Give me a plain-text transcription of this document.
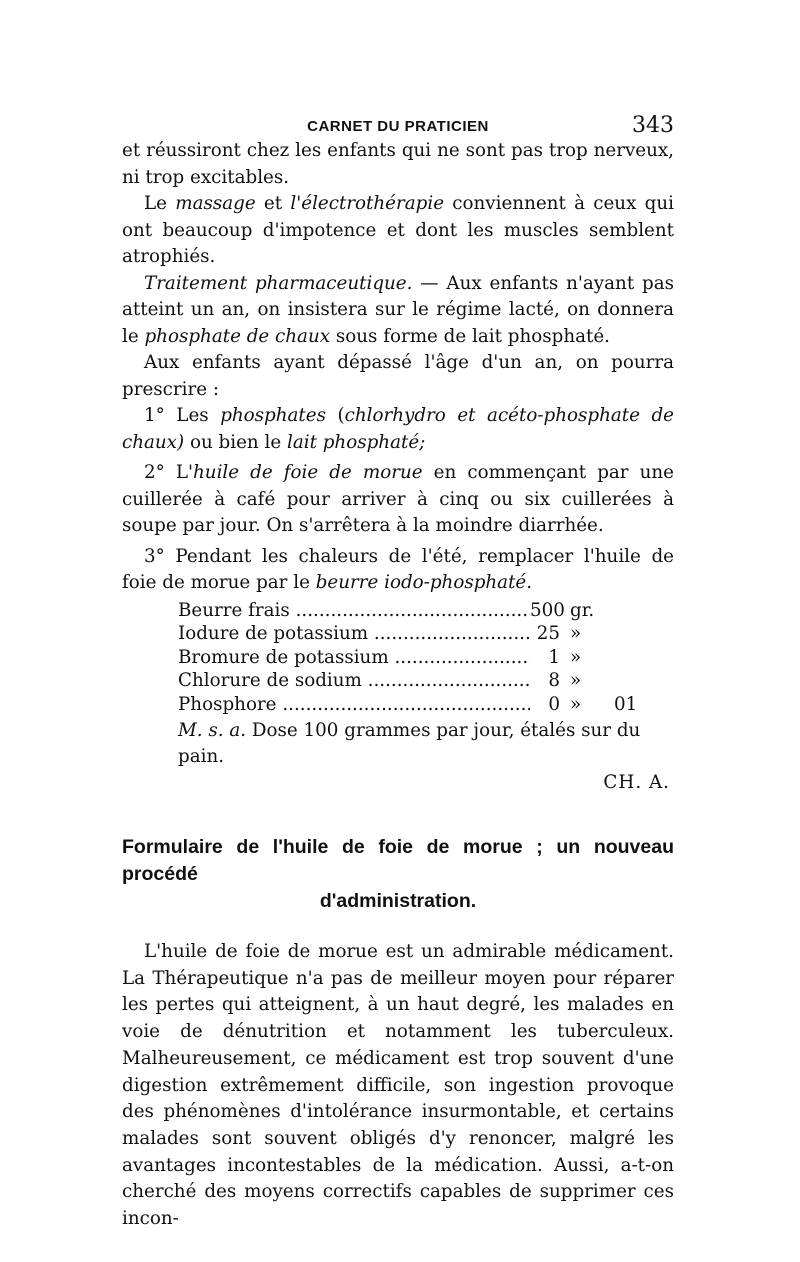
CARNET DU PRATICIEN	343

et réussiront chez les enfants qui ne sont pas trop nerveux, ni trop excitables.

Le massage et l'électrothérapie conviennent à ceux qui ont beaucoup d'impotence et dont les muscles semblent atrophiés.

Traitement pharmaceutique. — Aux enfants n'ayant pas atteint un an, on insistera sur le régime lacté, on donnera le phosphate de chaux sous forme de lait phosphaté.

Aux enfants ayant dépassé l'âge d'un an, on pourra prescrire :

1° Les phosphates (chlorhydro et acéto-phosphate de chaux) ou bien le lait phosphaté;

2° L'huile de foie de morue en commençant par une cuillerée à café pour arriver à cinq ou six cuillerées à soupe par jour. On s'arrêtera à la moindre diarrhée.

3° Pendant les chaleurs de l'été, remplacer l'huile de foie de morue par le beurre iodo-phosphaté.

Beurre frais .....	500 gr.
Iodure de potassium .....	25 »
Bromure de potassium .....	1 »
Chlorure de sodium .....	8 »
Phosphore .....	0 »	01
M. s. a. Dose 100 grammes par jour, étalés sur du pain.
CH. A.
Formulaire de l'huile de foie de morue ; un nouveau procédé
d'administration.

L'huile de foie de morue est un admirable médicament. La Thérapeutique n'a pas de meilleur moyen pour réparer les pertes qui atteignent, à un haut degré, les malades en voie de dénutrition et notamment les tuberculeux. Malheureusement, ce médicament est trop souvent d'une digestion extrêmement difficile, son ingestion provoque des phénomènes d'intolérance insurmontable, et certains malades sont souvent obligés d'y renoncer, malgré les avantages incontestables de la médication. Aussi, a-t-on cherché des moyens correctifs capables de supprimer ces incon-
